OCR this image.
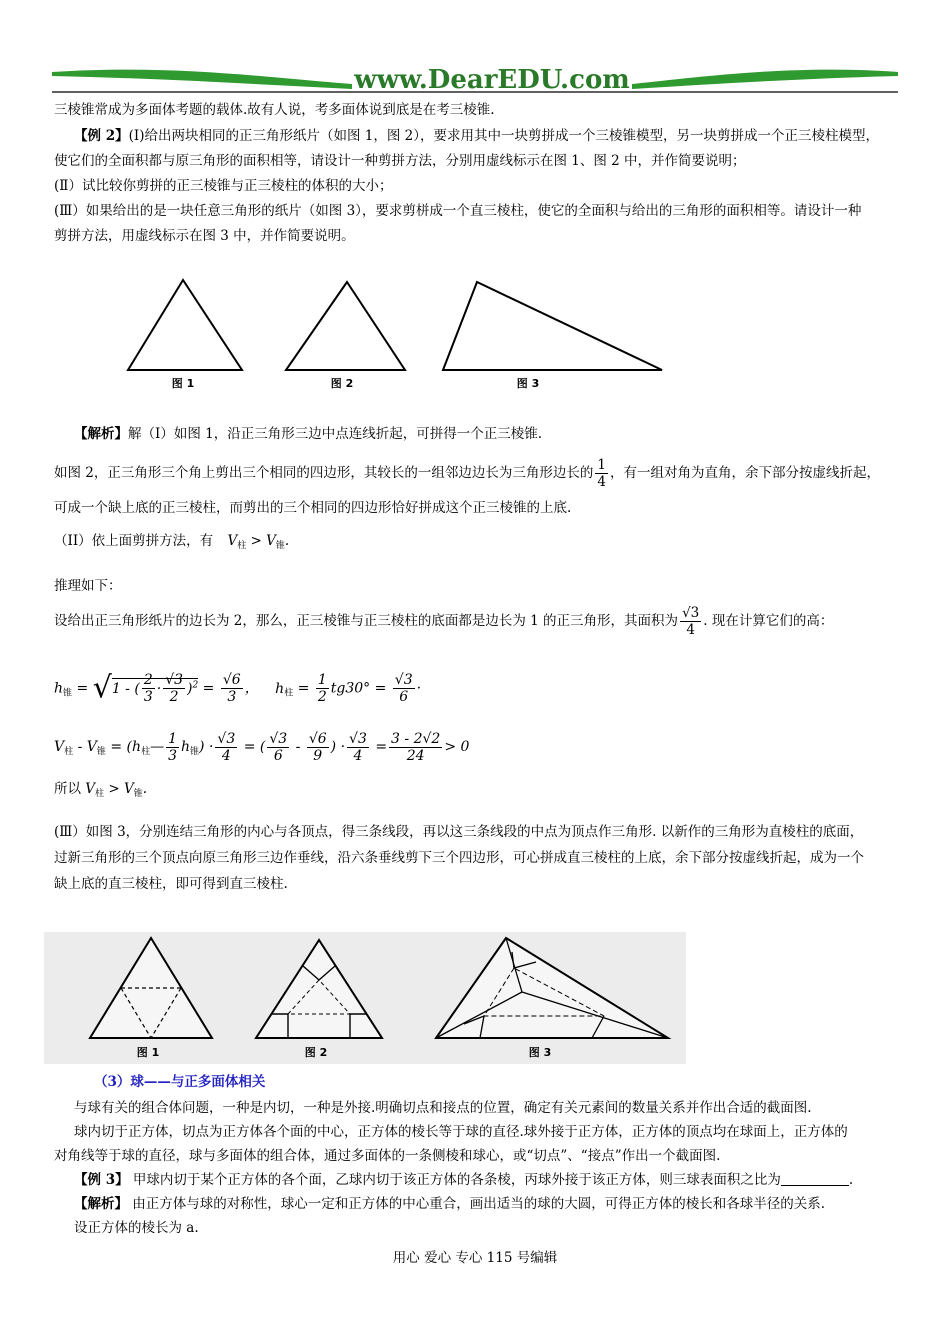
www.DearEDU.com
三棱锥常成为多面体考题的载体.故有人说，考多面体说到底是在考三棱锥.
【例 2】(Ⅰ)给出两块相同的正三角形纸片（如图 1，图 2），要求用其中一块剪拼成一个三棱锥模型，另一块剪拼成一个正三棱柱模型，
使它们的全面积都与原三角形的面积相等，请设计一种剪拼方法，分别用虚线标示在图 1、图 2 中，并作简要说明；
(Ⅱ）试比较你剪拼的正三棱锥与正三棱柱的体积的大小；
(Ⅲ）如果给出的是一块任意三角形的纸片（如图 3），要求剪栟成一个直三棱柱，使它的全面积与给出的三角形的面积相等。请设计一种
剪拼方法，用虚线标示在图 3 中，并作简要说明。
图 1	图 2	图 3
【解析】解（I）如图 1，沿正三角形三边中点连线折起，可拼得一个正三棱锥.
如图 2，正三角形三个角上剪出三个相同的四边形，其较长的一组邻边边长为三角形边长的 $\frac{1}{4}$ ，有一组对角为直角，余下部分按虚线折起，
可成一个缺上底的正三棱柱，而剪出的三个相同的四边形恰好拼成这个正三棱锥的上底.
（II）依上面剪拼方法，有 $V_柱 > V_锥$.
推理如下：
设给出正三角形纸片的边长为 2，那么，正三棱锥与正三棱柱的底面都是边长为 1 的正三角形，其面积为 $\frac{√3}{4}$ . 现在计算它们的高：
$h_锥 = √1$ - ( $\frac{2}{3} \cdot \frac{√3}{2} )^2 = \frac{√6}{3}$ ， $h_柱 = \frac{1}{2} tg30^\circ = \frac{√3}{6}$ ·
$V_柱 - V_锥$ = $(h_柱— \frac{1}{3} h_锥) \cdot \frac{√3}{4}$ = ( $\frac{√3}{6} - \frac{√6}{9}$ ) · $\frac{√3}{4} = \frac{3 - 2√2}{24} > 0$
所以 $V_柱 > V_锥$.
(Ⅲ）如图 3，分别连结三角形的内心与各顶点，得三条线段，再以这三条线段的中点为顶点作三角形. 以新作的三角形为直棱柱的底面，
过新三角形的三个顶点向原三角形三边作垂线，沿六条垂线剪下三个四边形，可心拼成直三棱柱的上底，余下部分按虚线折起，成为一个
缺上底的直三棱柱，即可得到直三棱柱.
图 1	图 2	图 3
（3）球——与正多面体相关
与球有关的组合体问题，一种是内切，一种是外接.明确切点和接点的位置，确定有关元素间的数量关系并作出合适的截面图.
球内切于正方体，切点为正方体各个面的中心，正方体的棱长等于球的直径.球外接于正方体，正方体的顶点均在球面上，正方体的
对角线等于球的直径，球与多面体的组合体，通过多面体的一条侧棱和球心，或“切点”、“接点”作出一个截面图.
【例 3】 甲球内切于某个正方体的各个面，乙球内切于该正方体的各条棱，丙球外接于该正方体，则三球表面积之比为	.
【解析】 由正方体与球的对称性，球心一定和正方体的中心重合，画出适当的球的大圆，可得正方体的棱长和各球半径的关系.
设正方体的棱长为 a.
用心 爱心 专心 115 号编辑
